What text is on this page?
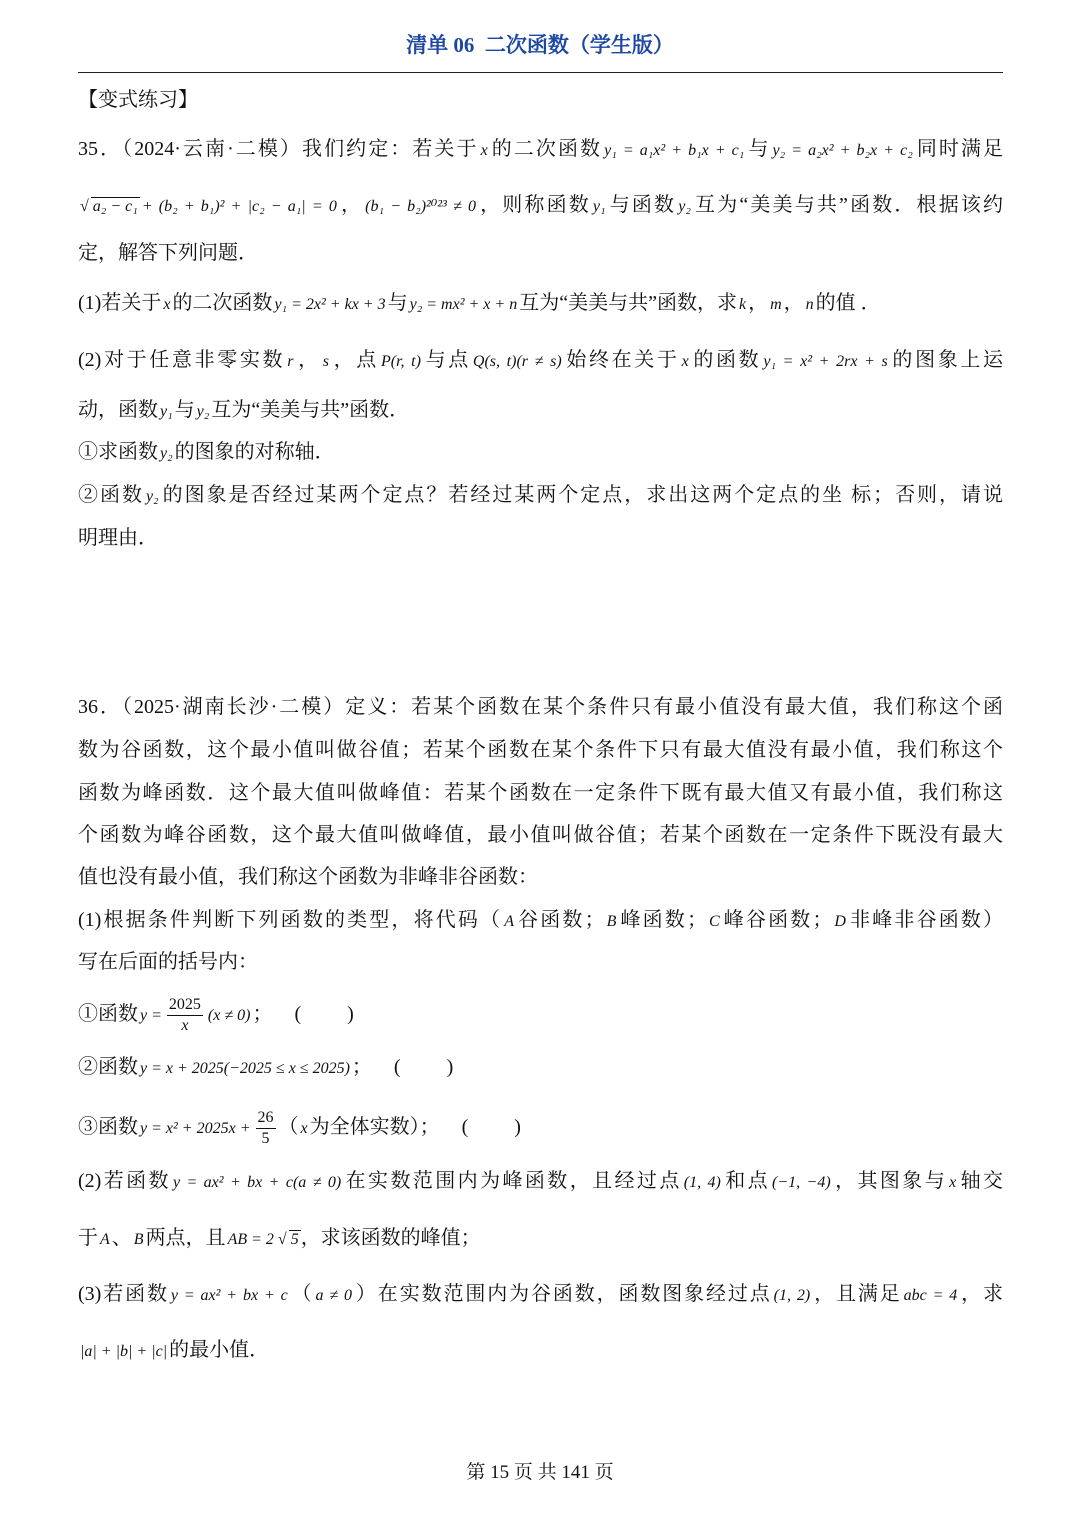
清单 06  二次函数（学生版）
【变式练习】
35．（2024·云南·二模）我们约定：若关于 x 的二次函数 y₁ = a₁x² + b₁x + c₁ 与 y₂ = a₂x² + b₂x + c₂ 同时满足
√ a₂ − c₁ + (b₂ + b₁)² + |c₂ − a₁| = 0 ， (b₁ − b₂)²⁰²³ ≠ 0 ，则称函数 y₁ 与函数 y₂ 互为“美美与共”函数．根据该约
定，解答下列问题．
(1)若关于 x 的二次函数 y₁ = 2x² + kx + 3 与 y₂ = mx² + x + n 互为“美美与共”函数，求 k ， m ， n 的值 ．
(2)对于任意非零实数 r ， s ，点 P(r, t) 与点 Q(s, t)(r ≠ s) 始终在关于 x 的函数 y₁ = x² + 2rx + s 的图象上运
动，函数 y₁ 与 y₂ 互为“美美与共”函数．
①求函数 y₂ 的图象的对称轴．
②函数 y₂ 的图象是否经过某两个定点？若经过某两个定点，求出这两个定点的坐 标；否则，请说
明理由．
36．（2025·湖南长沙·二模）定义：若某个函数在某个条件只有最小值没有最大值，我们称这个函
数为谷函数，这个最小值叫做谷值；若某个函数在某个条件下只有最大值没有最小值，我们称这个
函数为峰函数．这个最大值叫做峰值：若某个函数在一定条件下既有最大值又有最小值，我们称这
个函数为峰谷函数，这个最大值叫做峰值，最小值叫做谷值；若某个函数在一定条件下既没有最大
值也没有最小值，我们称这个函数为非峰非谷函数：
(1)根据条件判断下列函数的类型，将代码（ A 谷函数； B 峰函数； C 峰谷函数； D 非峰非谷函数）
写在后面的括号内：
①函数 $y = \frac{2025}{x} (x \ne 0)$ ； ( )
②函数 y = x + 2025(−2025 ≤ x ≤ 2025) ； ( )
③函数 $y = x^2 + 2025x + \frac{26}{5}$ （ x 为全体实数）； ( )
(2)若函数 y = ax² + bx + c(a ≠ 0) 在实数范围内为峰函数，且经过点 (1, 4) 和点 (−1, −4) ，其图象与 x 轴交
于 A 、 B 两点，且 AB = 2 √ 5 ，求该函数的峰值；
(3)若函数 y = ax² + bx + c （ a ≠ 0 ）在实数范围内为谷函数，函数图象经过点 (1, 2) ，且满足 abc = 4 ，求
|a| + |b| + |c| 的最小值．
第 15 页 共 141 页
